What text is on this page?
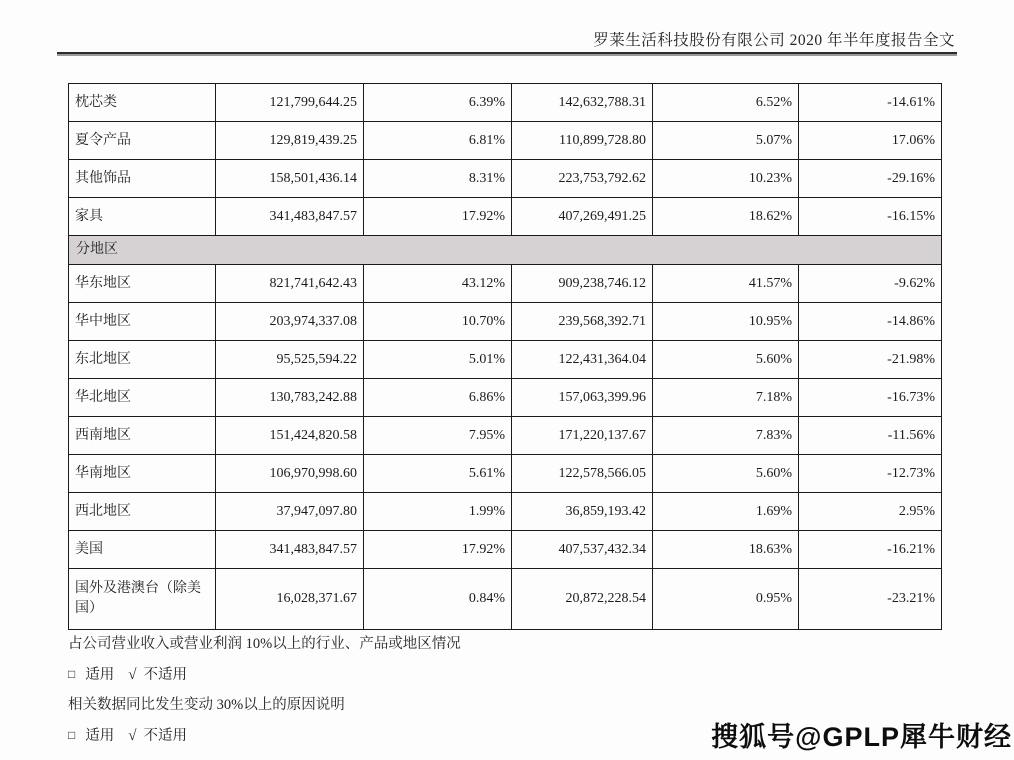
罗莱生活科技股份有限公司 2020 年半年度报告全文
枕芯类	121,799,644.25	6.39%	142,632,788.31	6.52%	-14.61%
夏令产品	129,819,439.25	6.81%	110,899,728.80	5.07%	17.06%
其他饰品	158,501,436.14	8.31%	223,753,792.62	10.23%	-29.16%
家具	341,483,847.57	17.92%	407,269,491.25	18.62%	-16.15%
分地区					
华东地区	821,741,642.43	43.12%	909,238,746.12	41.57%	-9.62%
华中地区	203,974,337.08	10.70%	239,568,392.71	10.95%	-14.86%
东北地区	95,525,594.22	5.01%	122,431,364.04	5.60%	-21.98%
华北地区	130,783,242.88	6.86%	157,063,399.96	7.18%	-16.73%
西南地区	151,424,820.58	7.95%	171,220,137.67	7.83%	-11.56%
华南地区	106,970,998.60	5.61%	122,578,566.05	5.60%	-12.73%
西北地区	37,947,097.80	1.99%	36,859,193.42	1.69%	2.95%
美国	341,483,847.57	17.92%	407,537,432.34	18.63%	-16.21%
国外及港澳台（除美国）	16,028,371.67	0.84%	20,872,228.54	0.95%	-23.21%
占公司营业收入或营业利润 10%以上的行业、产品或地区情况
□ 适用 √ 不适用
相关数据同比发生变动 30%以上的原因说明
□ 适用 √ 不适用	搜狐号@GPLP犀牛财经
